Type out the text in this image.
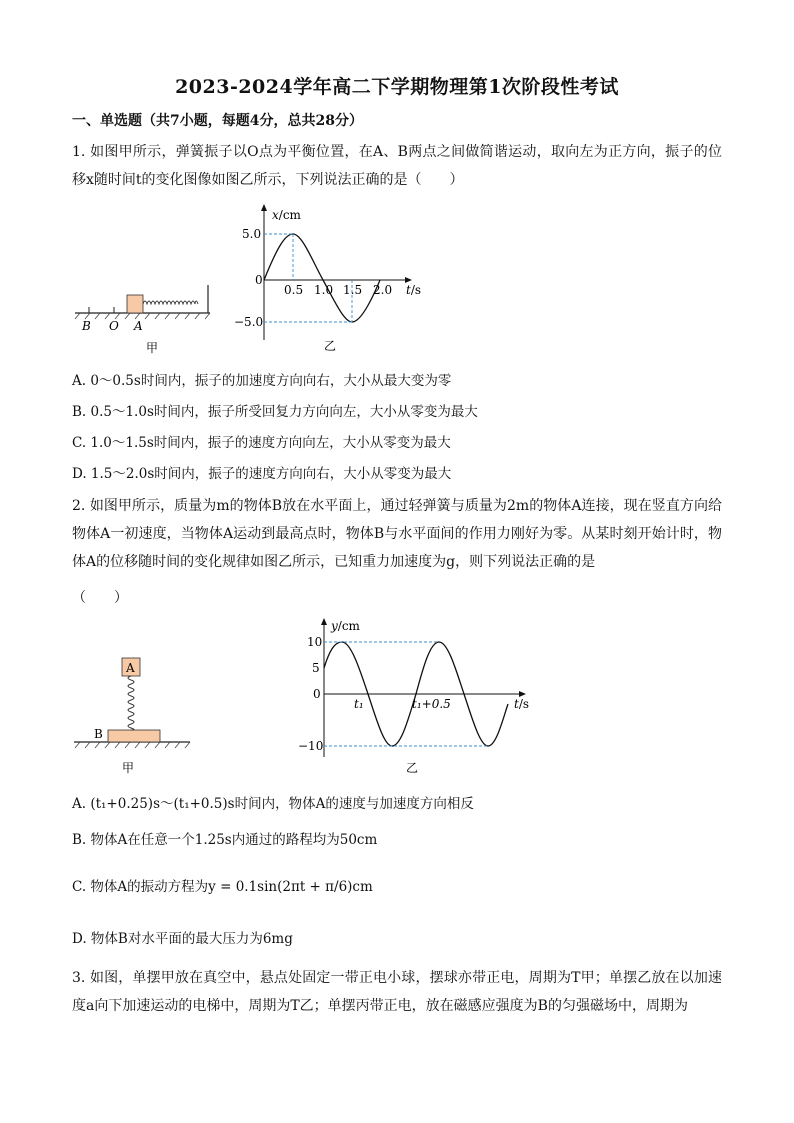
2023-2024学年高二下学期物理第1次阶段性考试
一、单选题（共7小题，每题4分，总共28分）
1. 如图甲所示，弹簧振子以O点为平衡位置，在A、B两点之间做简谐运动，取向左为正方向，振子的位移x随时间t的变化图像如图乙所示，下列说法正确的是（　　）
B O A
甲
x/cm
5.0
0
−5.0
0.5 1.0 1.5 2.0 t/s
乙
A. 0～0.5s时间内，振子的加速度方向向右，大小从最大变为零
B. 0.5～1.0s时间内，振子所受回复力方向向左，大小从零变为最大
C. 1.0～1.5s时间内，振子的速度方向向左，大小从零变为最大
D. 1.5～2.0s时间内，振子的速度方向向右，大小从零变为最大
2. 如图甲所示，质量为m的物体B放在水平面上，通过轻弹簧与质量为2m的物体A连接，现在竖直方向给物体A一初速度，当物体A运动到最高点时，物体B与水平面间的作用力刚好为零。从某时刻开始计时，物体A的位移随时间的变化规律如图乙所示，已知重力加速度为g，则下列说法正确的是
（　　）
A
B
甲
y/cm
10
5
0
−10
t₁	t₁+0.5	t/s
乙
A. (t₁+0.25)s～(t₁+0.5)s时间内，物体A的速度与加速度方向相反
B. 物体A在任意一个1.25s内通过的路程均为50cm
C. 物体A的振动方程为y = 0.1sin(2πt + π/6)cm
D. 物体B对水平面的最大压力为6mg
3. 如图，单摆甲放在真空中，悬点处固定一带正电小球，摆球亦带正电，周期为T甲；单摆乙放在以加速度a向下加速运动的电梯中，周期为T乙；单摆丙带正电，放在磁感应强度为B的匀强磁场中，周期为
